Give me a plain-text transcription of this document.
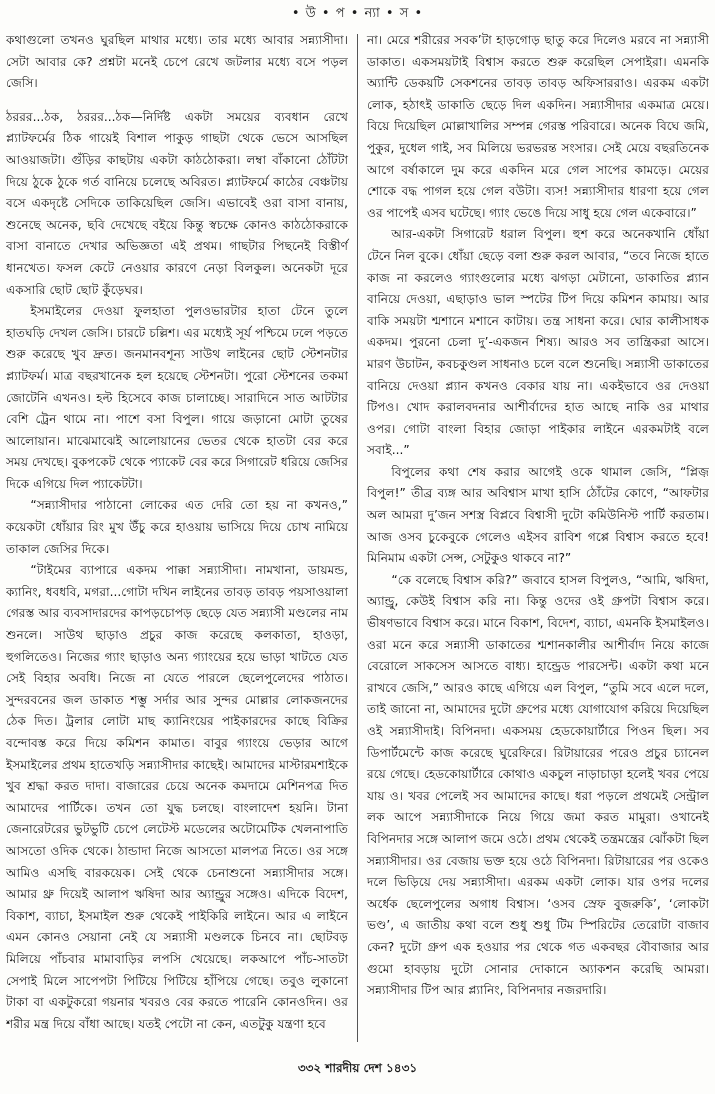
• উ • প • ন্যা • স •

কথাগুলো তখনও ঘুরছিল মাথার মধ্যে। তার মধ্যে আবার সন্ন্যাসীদা। সেটা আবার কে? প্রশ্নটা মনেই চেপে রেখে জটলার মধ্যে বসে পড়ল জেসি।

ঠররর...ঠক, ঠররর...ঠক—নির্দিষ্ট একটা সময়ের ব্যবধান রেখে প্ল্যাটফর্মের ঠিক গায়েই বিশাল পাকুড় গাছটা থেকে ভেসে আসছিল আওয়াজটা। গুঁড়ির কাছটায় একটা কাঠঠোকরা। লম্বা বাঁকানো ঠোঁটটা দিয়ে ঠুকে ঠুকে গর্ত বানিয়ে চলেছে অবিরত। প্ল্যাটফর্মে কাঠের বেঞ্চটায় বসে একদৃষ্টে সেদিকে তাকিয়েছিল জেসি। এভাবেই ওরা বাসা বানায়, শুনেছে অনেক, ছবি দেখেছে বইয়ে কিন্তু স্বচক্ষে কোনও কাঠঠোকরাকে বাসা বানাতে দেখার অভিজ্ঞতা এই প্রথম। গাছটার পিছনেই বিস্তীর্ণ ধানখেত। ফসল কেটে নেওয়ার কারণে নেড়া বিলকুল। অনেকটা দূরে একসারি ছোট ছোট কুঁড়েঘর।

ইসমাইলের দেওয়া ফুলহাতা পুলওভারটার হাতা টেনে তুলে হাতঘড়ি দেখল জেসি। চারটে চল্লিশ। এর মধ্যেই সূর্য পশ্চিমে ঢলে পড়তে শুরু করেছে খুব দ্রুত। জনমানবশূন্য সাউথ লাইনের ছোট স্টেশনটার প্ল্যাটফর্ম। মাত্র বছরখানেক হল হয়েছে স্টেশনটা। পুরো স্টেশনের তকমা জোটেনি এখনও। হল্ট হিসেবে কাজ চালাচ্ছে। সারাদিনে সাত আটটার বেশি ট্রেন থামে না। পাশে বসা বিপুল। গায়ে জড়ানো মোটা তুষের আলোয়ান। মাঝেমাঝেই আলোয়ানের ভেতর থেকে হাতটা বের করে সময় দেখছে। বুকপকেট থেকে প্যাকেট বের করে সিগারেট ধরিয়ে জেসির দিকে এগিয়ে দিল প্যাকেটটা।

“সন্ন্যাসীদার পাঠানো লোকের এত দেরি তো হয় না কখনও,” কয়েকটা ধোঁয়ার রিং মুখ উঁচু করে হাওয়ায় ভাসিয়ে দিয়ে চোখ নামিয়ে তাকাল জেসির দিকে।

“টাইমের ব্যাপারে একদম পাক্কা সন্ন্যাসীদা। নামখানা, ডায়মন্ড, ক্যানিং, ধবধবি, মগরা...গোটা দখিন লাইনের তাবড় তাবড় পয়সাওয়ালা গেরস্ত আর ব্যবসাদারদের কাপড়চোপড় ছেড়ে যেত সন্ন্যাসী মণ্ডলের নাম শুনলে। সাউথ ছাড়াও প্রচুর কাজ করেছে কলকাতা, হাওড়া, হুগলিতেও। নিজের গ্যাং ছাড়াও অন্য গ্যাংয়ের হয়ে ভাড়া খাটতে যেত সেই বিহার অবধি। নিজে না যেতে পারলে ছেলেপুলেদের পাঠাত। সুন্দরবনের জল ডাকাত শম্ভু সর্দার আর সুন্দর মোল্লার লোকজনদের ঠেক দিত। ট্রলার লোটা মাছ ক্যানিংয়ের পাইকারদের কাছে বিক্রির বন্দোবস্ত করে দিয়ে কমিশন কামাত। বাবুর গ্যাংয়ে ভেড়ার আগে ইসমাইলের প্রথম হাতেখড়ি সন্ন্যাসীদার কাছেই। আমাদের মাস্টারমশাইকে খুব শ্রদ্ধা করত দাদা। বাজারের চেয়ে অনেক কমদামে মেশিনপত্র দিত আমাদের পার্টিকে। তখন তো যুদ্ধ চলছে। বাংলাদেশ হয়নি। টানা জেনারেটরের ভুটভুটি চেপে লেটেস্ট মডেলের অটোমেটিক খেলনাপাতি আসতো ওদিক থেকে। ঠান্ডাদা নিজে আসতো মালপত্র নিতে। ওর সঙ্গে আমিও এসছি বারকয়েক। সেই থেকে চেনাশুনো সন্ন্যাসীদার সঙ্গে। আমার থ্রু দিয়েই আলাপ ঋষিদা আর অ্যান্ড্রুর সঙ্গেও। এদিকে বিদেশ, বিকাশ, ব্যাচা, ইসমাইল শুরু থেকেই পাইকিরি লাইনে। আর এ লাইনে এমন কোনও সেয়ানা নেই যে সন্ন্যাসী মণ্ডলকে চিনবে না। ছোটবড় মিলিয়ে পাঁচবার মামাবাড়ির লপসি খেয়েছে। লকআপে পাঁচ-সাতটা সেপাই মিলে সাপেপটা পিটিয়ে পিটিয়ে হাঁপিয়ে গেছে। তবুও লুকানো টাকা বা একটুকরো গয়নার খবরও বের করতে পারেনি কোনওদিন। ওর শরীর মন্ত্র দিয়ে বাঁধা আছে। যতই পেটো না কেন, এতটুকু যন্ত্রণা হবে

না। মেরে শরীরের সবক’টা হাড়গোড় ছাতু করে দিলেও মরবে না সন্ন্যাসী ডাকাত। একসময়টাই বিশ্বাস করতে শুরু করেছিল সেপাইরা। এমনকি অ্যান্টি ডেকয়টি সেকশনের তাবড় তাবড় অফিসাররাও। এরকম একটা লোক, হঠাৎই ডাকাতি ছেড়ে দিল একদিন। সন্ন্যাসীদার একমাত্র মেয়ে। বিয়ে দিয়েছিল মোল্লাখালির সম্পন্ন গেরস্ত পরিবারে। অনেক বিঘে জমি, পুকুর, দুধেল গাই, সব মিলিয়ে ভরভরন্ত সংসার। সেই মেয়ে বছরতিনেক আগে বর্ষাকালে দুম করে একদিন মরে গেল সাপের কামড়ে। মেয়ের শোকে বদ্ধ পাগল হয়ে গেল বউটা। ব্যস! সন্ন্যাসীদার ধারণা হয়ে গেল ওর পাপেই এসব ঘটেছে। গ্যাং ভেঙে দিয়ে সাধু হয়ে গেল একেবারে।”

আর-একটা সিগারেট ধরাল বিপুল। হুশ করে অনেকখানি ধোঁয়া টেনে নিল বুকে। ধোঁয়া ছেড়ে বলা শুরু করল আবার, “তবে নিজে হাতে কাজ না করলেও গ্যাংগুলোর মধ্যে ঝগড়া মেটানো, ডাকাতির প্ল্যান বানিয়ে দেওয়া, এছাড়াও ভাল স্পটের টিপ দিয়ে কমিশন কামায়। আর বাকি সময়টা শ্মশানে মশানে কাটায়। তন্ত্র সাধনা করে। ঘোর কালীসাধক একদম। পুরনো চেলা দু’-একজন শিষ্য। আরও সব তান্ত্রিকরা আসে। মারণ উচাটন, কবচকুণ্ডল সাধনাও চলে বলে শুনেছি। সন্ন্যাসী ডাকাতের বানিয়ে দেওয়া প্ল্যান কখনও বেকার যায় না। একইভাবে ওর দেওয়া টিপও। খোদ করালবদনার আশীর্বাদের হাত আছে নাকি ওর মাথার ওপর। গোটা বাংলা বিহার জোড়া পাইকার লাইনে এরকমটাই বলে সবাই...”

বিপুলের কথা শেষ করার আগেই ওকে থামাল জেসি, “প্লিজ় বিপুল!” তীব্র ব্যঙ্গ আর অবিশ্বাস মাখা হাসি ঠোঁটের কোণে, “আফটার অল আমরা দু’জন সশস্ত্র বিপ্লবে বিশ্বাসী দুটো কমিউনিস্ট পার্টি করতাম। আজ ওসব চুকেবুকে গেলেও এইসব রাবিশ গপ্পে বিশ্বাস করতে হবে! মিনিমাম একটা সেন্স, সেটুকুও থাকবে না?”

“কে বলেছে বিশ্বাস করি?” জবাবে হাসল বিপুলও, “আমি, ঋষিদা, অ্যান্ড্রু, কেউই বিশ্বাস করি না। কিন্তু ওদের ওই গ্রুপটা বিশ্বাস করে। ভীষণভাবে বিশ্বাস করে। মানে বিকাশ, বিদেশ, ব্যাচা, এমনকি ইসমাইলও। ওরা মনে করে সন্ন্যাসী ডাকাতের শ্মশানকালীর আশীর্বাদ নিয়ে কাজে বেরোলে সাকসেস আসতে বাধ্য। হান্ড্রেড পারসেন্ট। একটা কথা মনে রাখবে জেসি,” আরও কাছে এগিয়ে এল বিপুল, “তুমি সবে এলে দলে, তাই জানো না, আমাদের দুটো গ্রুপের মধ্যে যোগাযোগ করিয়ে দিয়েছিল ওই সন্ন্যাসীদাই। বিপিনদা। একসময় হেডকোয়ার্টারে পিওন ছিল। সব ডিপার্টমেন্টে কাজ করেছে ঘুরেফিরে। রিটায়ারের পরেও প্রচুর চ্যানেল রয়ে গেছে। হেডকোয়ার্টারে কোথাও একচুল নাড়াচাড়া হলেই খবর পেয়ে যায় ও। খবর পেলেই সব আমাদের কাছে। ধরা পড়লে প্রথমেই সেন্ট্রাল লক আপে সন্ন্যাসীদাকে নিয়ে গিয়ে জমা করত মামুরা। ওখানেই বিপিনদার সঙ্গে আলাপ জমে ওঠে। প্রথম থেকেই তন্ত্রমন্ত্রের ঝোঁকটা ছিল সন্ন্যাসীদার। ওর বেজায় ভক্ত হয়ে ওঠে বিপিনদা। রিটায়ারের পর ওকেও দলে ভিড়িয়ে দেয় সন্ন্যাসীদা। এরকম একটা লোক। যার ওপর দলের অর্ধেক ছেলেপুলের অগাধ বিশ্বাস। ‘ওসব স্রেফ বুজরুকি’, ‘লোকটা ভণ্ড’, এ জাতীয় কথা বলে শুধু শুধু টিম স্পিরিটের তেরোটা বাজাব কেন? দুটো গ্রুপ এক হওয়ার পর থেকে গত একবছর বৌবাজার আর গুমো হাবড়ায় দুটো সোনার দোকানে অ্যাকশন করেছি আমরা। সন্ন্যাসীদার টিপ আর প্ল্যানিং, বিপিনদার নজরদারি।

৩৩২ শারদীয় দেশ ১৪৩১
